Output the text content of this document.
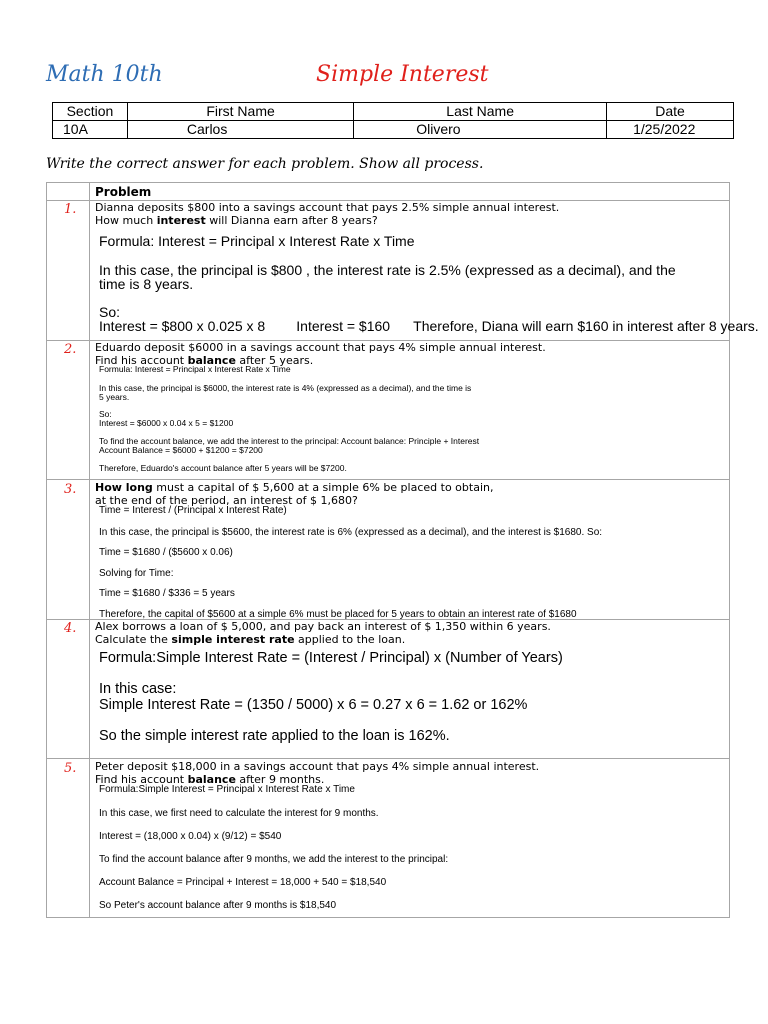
Math 10th	Simple Interest
Section	First Name	Last Name	Date
10A	Carlos	Olivero	1/25/2022
Write the correct answer for each problem. Show all process.
Problem
1. Dianna deposits $800 into a savings account that pays 2.5% simple annual interest.
How much interest will Dianna earn after 8 years?
Formula: Interest = Principal x Interest Rate x Time
In this case, the principal is $800 , the interest rate is 2.5% (expressed as a decimal), and the
time is 8 years.
So:
Interest = $800 x 0.025 x 8        Interest = $160      Therefore, Diana will earn $160 in interest after 8 years.
2. Eduardo deposit $6000 in a savings account that pays 4% simple annual interest.
Find his account balance after 5 years.
Formula: Interest = Principal x Interest Rate x Time
In this case, the principal is $6000, the interest rate is 4% (expressed as a decimal), and the time is
5 years.
So:
Interest = $6000 x 0.04 x 5 = $1200
To find the account balance, we add the interest to the principal: Account balance: Principle + Interest
Account Balance = $6000 + $1200 = $7200
Therefore, Eduardo's account balance after 5 years will be $7200.
3. How long must a capital of $ 5,600 at a simple 6% be placed to obtain,
at the end of the period, an interest of $ 1,680?
Time = Interest / (Principal x Interest Rate)
In this case, the principal is $5600, the interest rate is 6% (expressed as a decimal), and the interest is $1680. So:
Time = $1680 / ($5600 x 0.06)
Solving for Time:
Time = $1680 / $336 = 5 years
Therefore, the capital of $5600 at a simple 6% must be placed for 5 years to obtain an interest rate of $1680
4. Alex borrows a loan of $ 5,000, and pay back an interest of $ 1,350 within 6 years.
Calculate the simple interest rate applied to the loan.
Formula:Simple Interest Rate = (Interest / Principal) x (Number of Years)
In this case:
Simple Interest Rate = (1350 / 5000) x 6 = 0.27 x 6 = 1.62 or 162%
So the simple interest rate applied to the loan is 162%.
5. Peter deposit $18,000 in a savings account that pays 4% simple annual interest.
Find his account balance after 9 months.
Formula:Simple Interest = Principal x Interest Rate x Time
In this case, we first need to calculate the interest for 9 months.
Interest = (18,000 x 0.04) x (9/12) = $540
To find the account balance after 9 months, we add the interest to the principal:
Account Balance = Principal + Interest = 18,000 + 540 = $18,540
So Peter's account balance after 9 months is $18,540
